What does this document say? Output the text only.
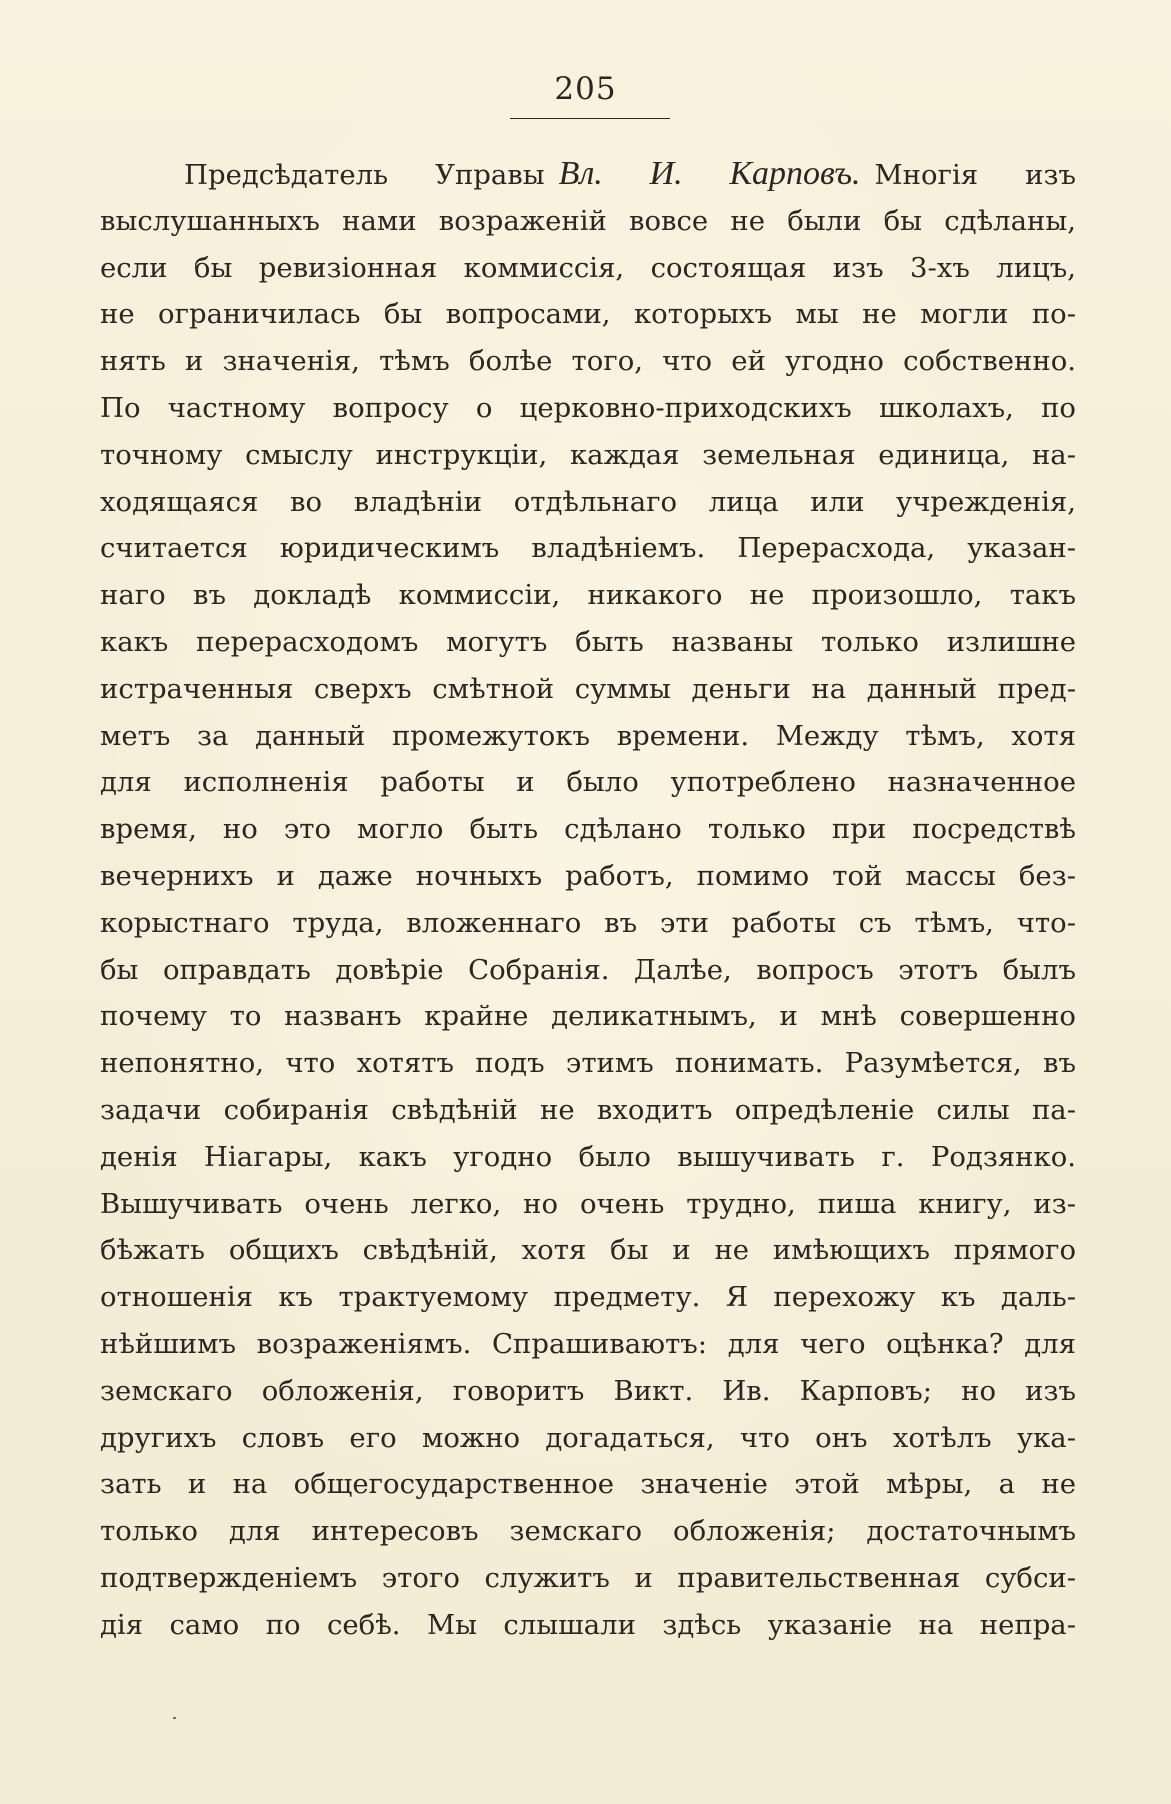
205
Предсѣдатель Управы Вл. И. Карповъ. Многія изъ
выслушанныхъ нами возраженій вовсе не были бы сдѣланы,
если бы ревизіонная коммиссія, состоящая изъ 3-хъ лицъ,
не ограничилась бы вопросами, которыхъ мы не могли по-
нять и значенія, тѣмъ болѣе того, что ей угодно собственно.
По частному вопросу о церковно-приходскихъ школахъ, по
точному смыслу инструкціи, каждая земельная единица, на-
ходящаяся во владѣніи отдѣльнаго лица или учрежденія,
считается юридическимъ владѣніемъ. Перерасхода, указан-
наго въ докладѣ коммиссіи, никакого не произошло, такъ
какъ перерасходомъ могутъ быть названы только излишне
истраченныя сверхъ смѣтной суммы деньги на данный пред-
метъ за данный промежутокъ времени. Между тѣмъ, хотя
для исполненія работы и было употреблено назначенное
время, но это могло быть сдѣлано только при посредствѣ
вечернихъ и даже ночныхъ работъ, помимо той массы без-
корыстнаго труда, вложеннаго въ эти работы съ тѣмъ, что-
бы оправдать довѣріе Собранія. Далѣе, вопросъ этотъ былъ
почему то названъ крайне деликатнымъ, и мнѣ совершенно
непонятно, что хотятъ подъ этимъ понимать. Разумѣется, въ
задачи собиранія свѣдѣній не входитъ опредѣленіе силы па-
денія Ніагары, какъ угодно было вышучивать г. Родзянко.
Вышучивать очень легко, но очень трудно, пиша книгу, из-
бѣжать общихъ свѣдѣній, хотя бы и не имѣющихъ прямого
отношенія къ трактуемому предмету. Я перехожу къ даль-
нѣйшимъ возраженіямъ. Спрашиваютъ: для чего оцѣнка? для
земскаго обложенія, говоритъ Викт. Ив. Карповъ; но изъ
другихъ словъ его можно догадаться, что онъ хотѣлъ ука-
зать и на общегосударственное значеніе этой мѣры, а не
только для интересовъ земскаго обложенія; достаточнымъ
подтвержденіемъ этого служитъ и правительственная субси-
дія само по себѣ. Мы слышали здѣсь указаніе на непра-
